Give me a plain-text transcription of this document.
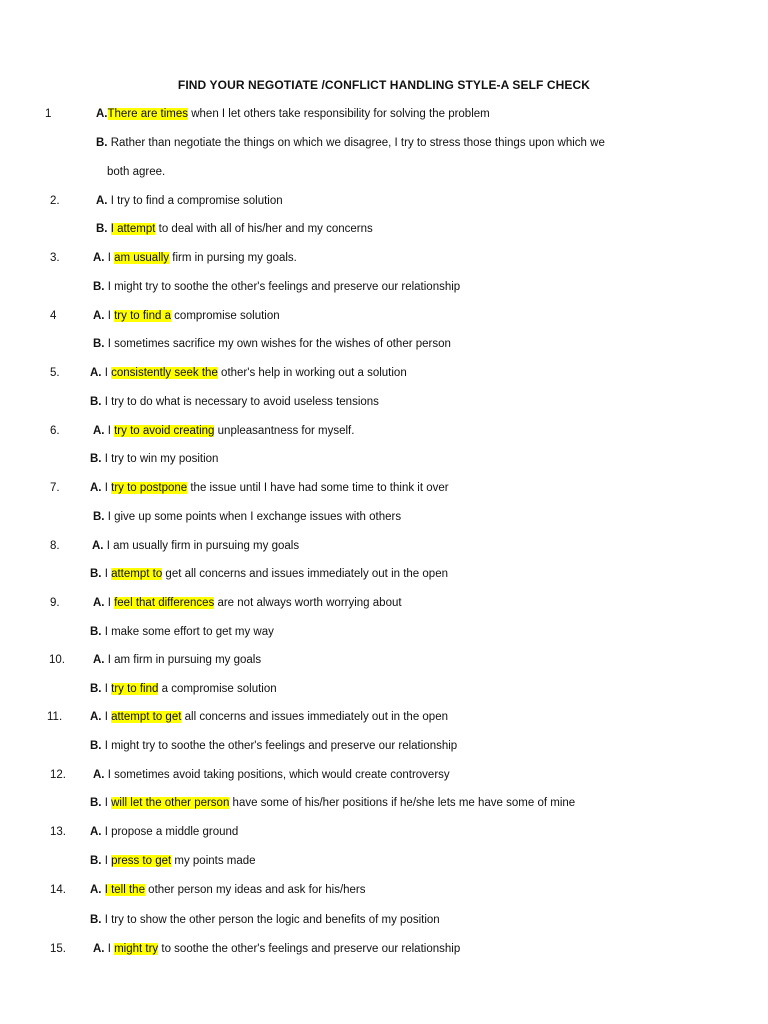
FIND YOUR NEGOTIATE /CONFLICT HANDLING STYLE-A SELF CHECK
1	A.There are times when I let others take responsibility for solving the problem
B. Rather than negotiate the things on which we disagree, I try to stress those things upon which we
both agree.
2.	A. I try to find a compromise solution
B. I attempt to deal with all of his/her and my concerns
3.	A. I am usually firm in pursing my goals.
B. I might try to soothe the other's feelings and preserve our relationship
4	A. I try to find a compromise solution
B. I sometimes sacrifice my own wishes for the wishes of other person
5.	A. I consistently seek the other's help in working out a solution
B. I try to do what is necessary to avoid useless tensions
6.	A. I try to avoid creating unpleasantness for myself.
B. I try to win my position
7.	A. I try to postpone the issue until I have had some time to think it over
B. I give up some points when I exchange issues with others
8.	A. I am usually firm in pursuing my goals
B. I attempt to get all concerns and issues immediately out in the open
9.	A. I feel that differences are not always worth worrying about
B. I make some effort to get my way
10. A. I am firm in pursuing my goals
B. I try to find a compromise solution
11. A. I attempt to get all concerns and issues immediately out in the open
B. I might try to soothe the other's feelings and preserve our relationship
12. A. I sometimes avoid taking positions, which would create controversy
B. I will let the other person have some of his/her positions if he/she lets me have some of mine
13. A. I propose a middle ground
B. I press to get my points made
14. A. I tell the other person my ideas and ask for his/hers
B. I try to show the other person the logic and benefits of my position
15. A. I might try to soothe the other's feelings and preserve our relationship
